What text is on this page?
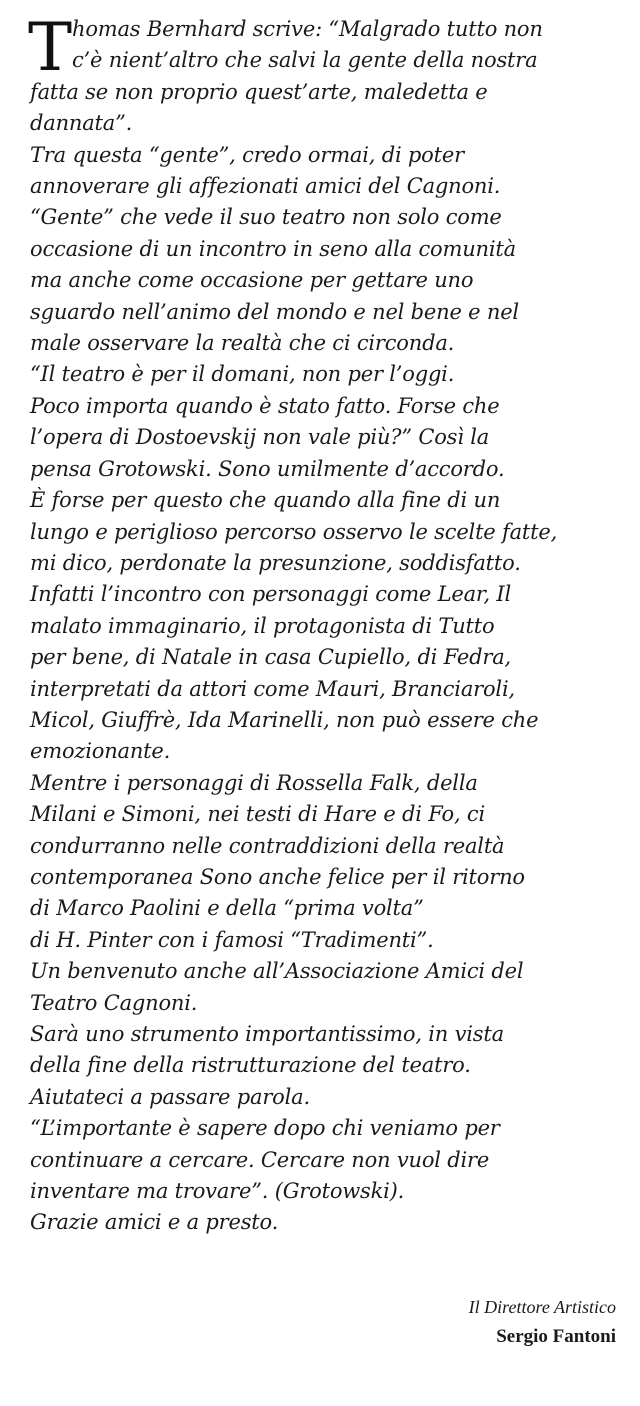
T homas Bernhard scrive: “Malgrado tutto non
c’è nient’altro che salvi la gente della nostra
fatta se non proprio quest’arte, maledetta e
dannata”.
Tra questa “gente”, credo ormai, di poter
annoverare gli affezionati amici del Cagnoni.
“Gente” che vede il suo teatro non solo come
occasione di un incontro in seno alla comunità
ma anche come occasione per gettare uno
sguardo nell’animo del mondo e nel bene e nel
male osservare la realtà che ci circonda.
“Il teatro è per il domani, non per l’oggi.
Poco importa quando è stato fatto. Forse che
l’opera di Dostoevskij non vale più?” Così la
pensa Grotowski. Sono umilmente d’accordo.
È forse per questo che quando alla fine di un
lungo e periglioso percorso osservo le scelte fatte,
mi dico, perdonate la presunzione, soddisfatto.
Infatti l’incontro con personaggi come Lear, Il
malato immaginario, il protagonista di Tutto
per bene, di Natale in casa Cupiello, di Fedra,
interpretati da attori come Mauri, Branciaroli,
Micol, Giuffrè, Ida Marinelli, non può essere che
emozionante.
Mentre i personaggi di Rossella Falk, della
Milani e Simoni, nei testi di Hare e di Fo, ci
condurranno nelle contraddizioni della realtà
contemporanea Sono anche felice per il ritorno
di Marco Paolini e della “prima volta”
di H. Pinter con i famosi “Tradimenti”.
Un benvenuto anche all’Associazione Amici del
Teatro Cagnoni.
Sarà uno strumento importantissimo, in vista
della fine della ristrutturazione del teatro.
Aiutateci a passare parola.
“L’importante è sapere dopo chi veniamo per
continuare a cercare. Cercare non vuol dire
inventare ma trovare”. (Grotowski).
Grazie amici e a presto.
Il Direttore Artistico
Sergio Fantoni
